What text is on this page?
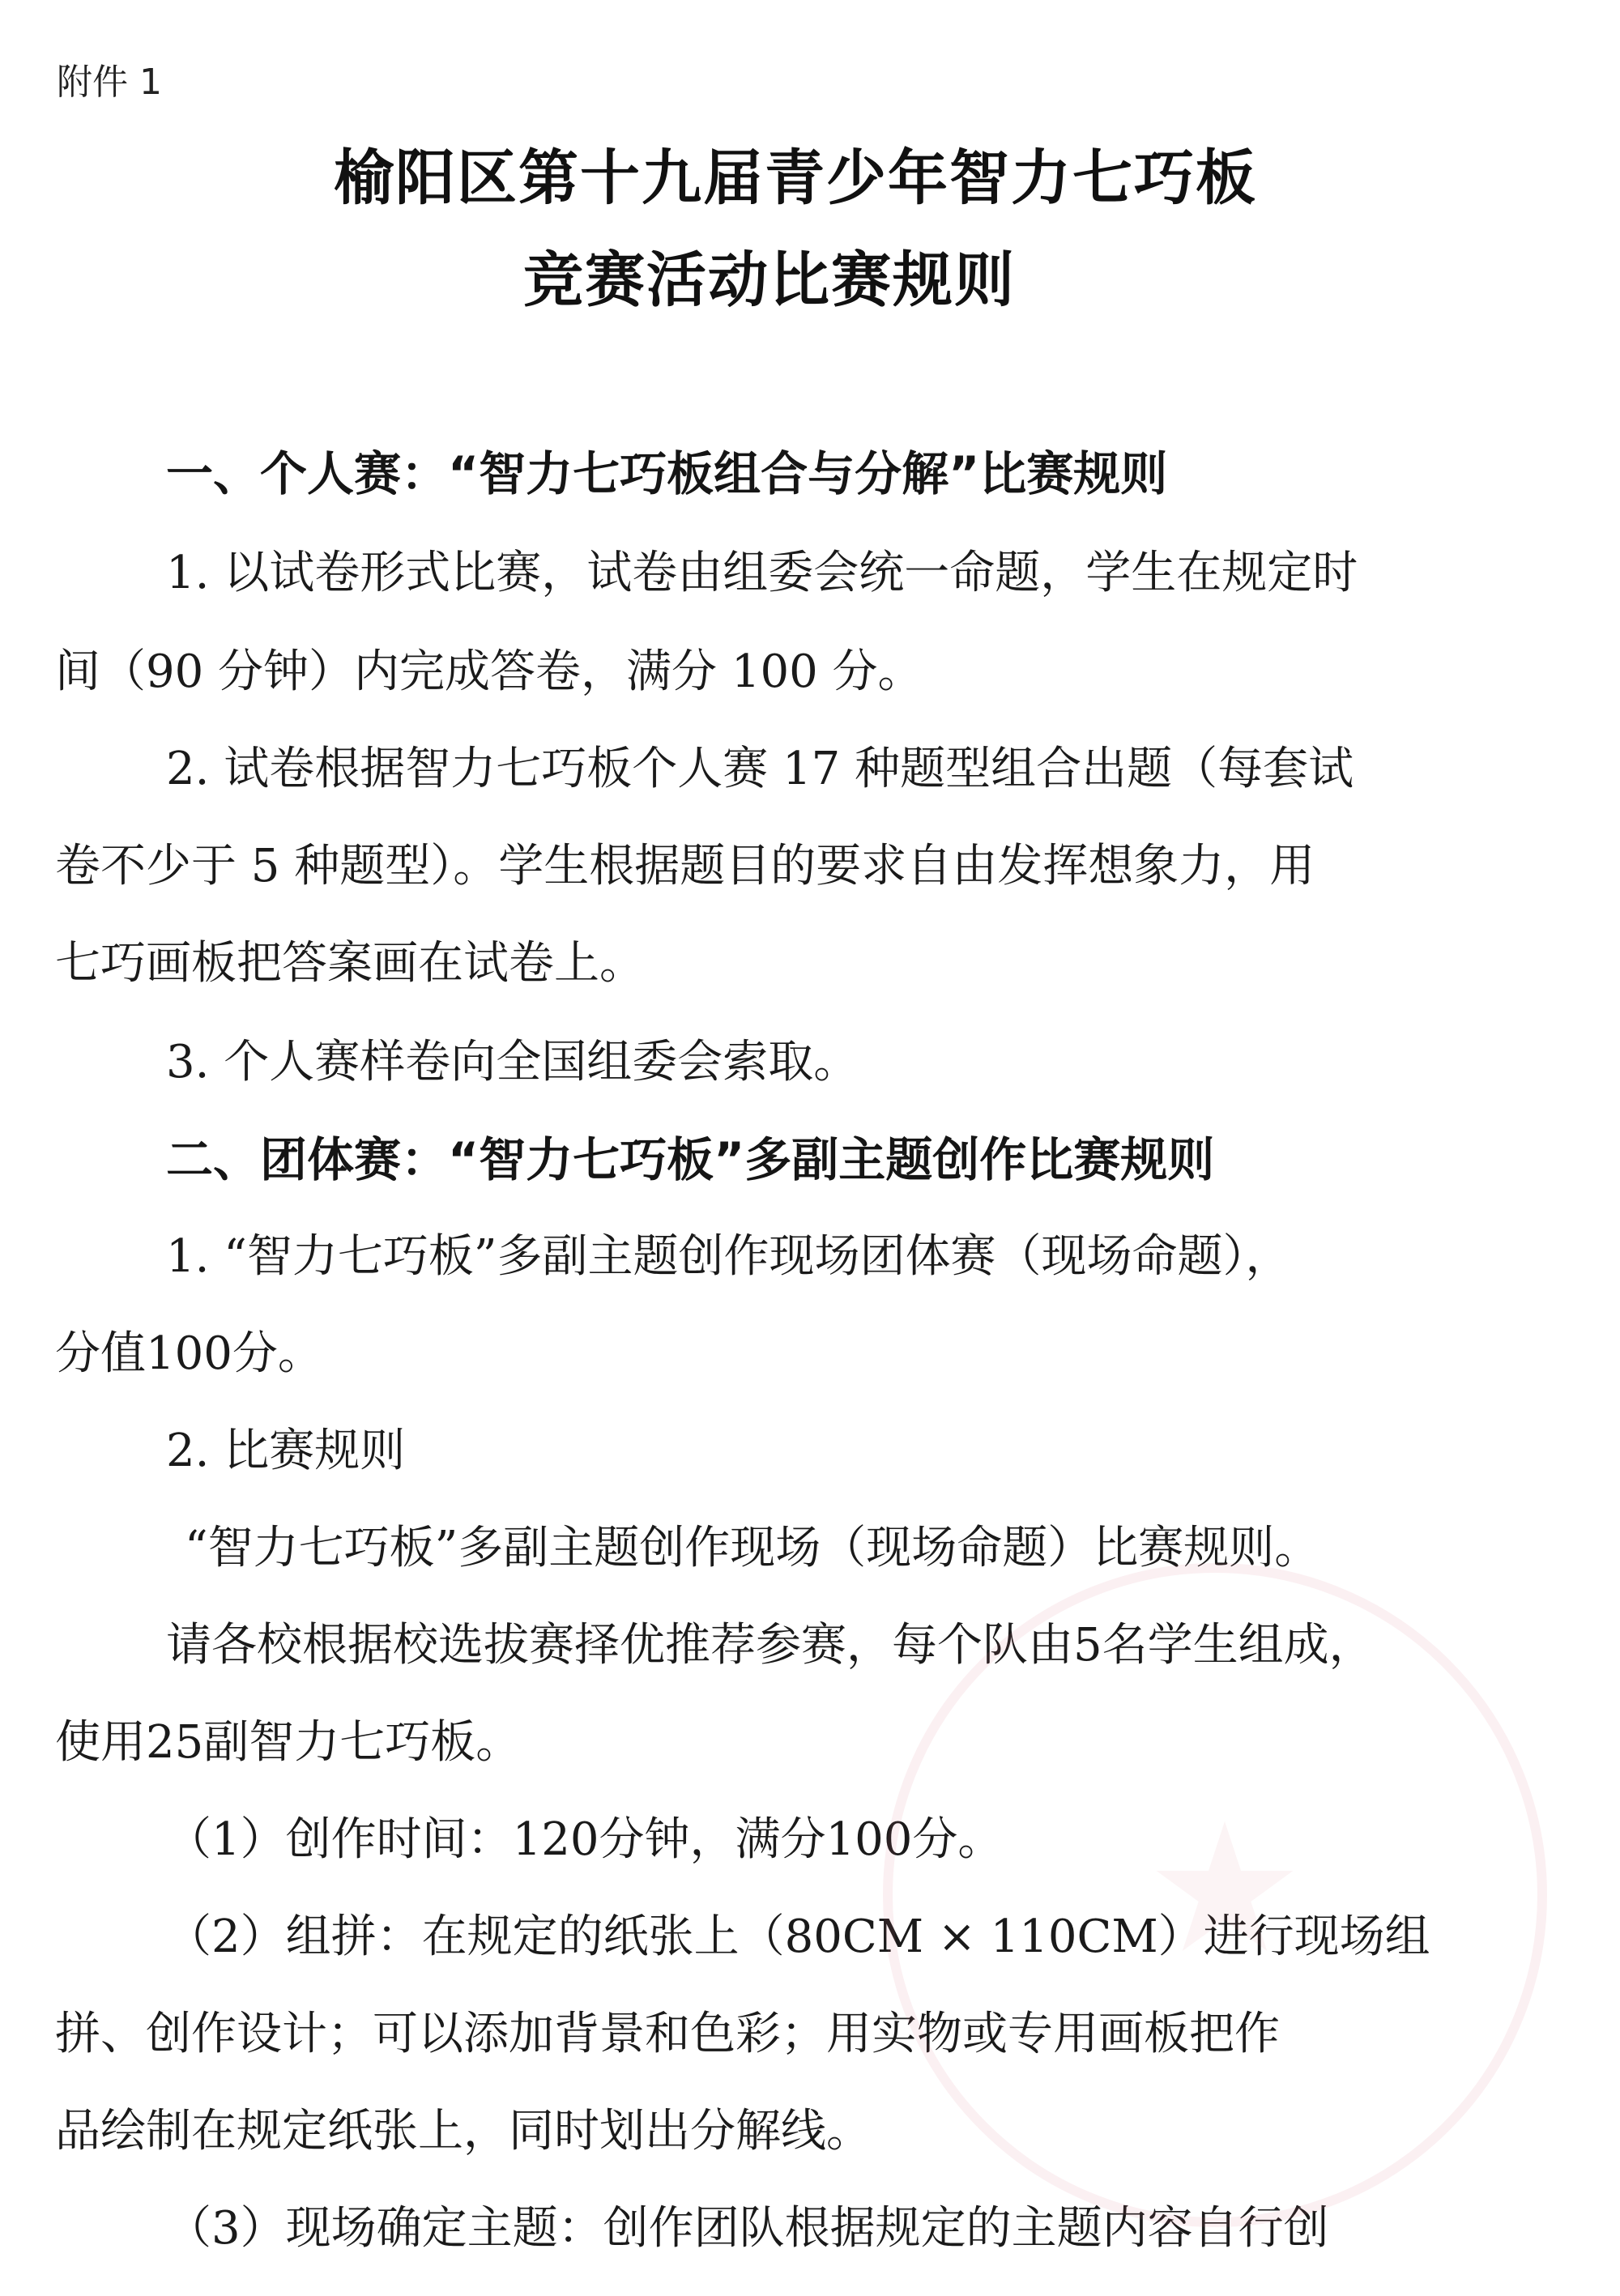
附件 1
榆阳区第十九届青少年智力七巧板
竞赛活动比赛规则
一、个人赛：“智力七巧板组合与分解”比赛规则
1. 以试卷形式比赛，试卷由组委会统一命题，学生在规定时
间（90 分钟）内完成答卷，满分 100 分。
2. 试卷根据智力七巧板个人赛 17 种题型组合出题（每套试
卷不少于 5 种题型）。学生根据题目的要求自由发挥想象力，用
七巧画板把答案画在试卷上。
3. 个人赛样卷向全国组委会索取。
二、团体赛：“智力七巧板”多副主题创作比赛规则
1. “智力七巧板”多副主题创作现场团体赛（现场命题），
分值100分。
2. 比赛规则
“智力七巧板”多副主题创作现场（现场命题）比赛规则。
请各校根据校选拔赛择优推荐参赛，每个队由5名学生组成，
使用25副智力七巧板。
（1）创作时间：120分钟，满分100分。
（2）组拼：在规定的纸张上（80CM × 110CM）进行现场组
拼、创作设计；可以添加背景和色彩；用实物或专用画板把作
品绘制在规定纸张上，同时划出分解线。
（3）现场确定主题：创作团队根据规定的主题内容自行创
★
